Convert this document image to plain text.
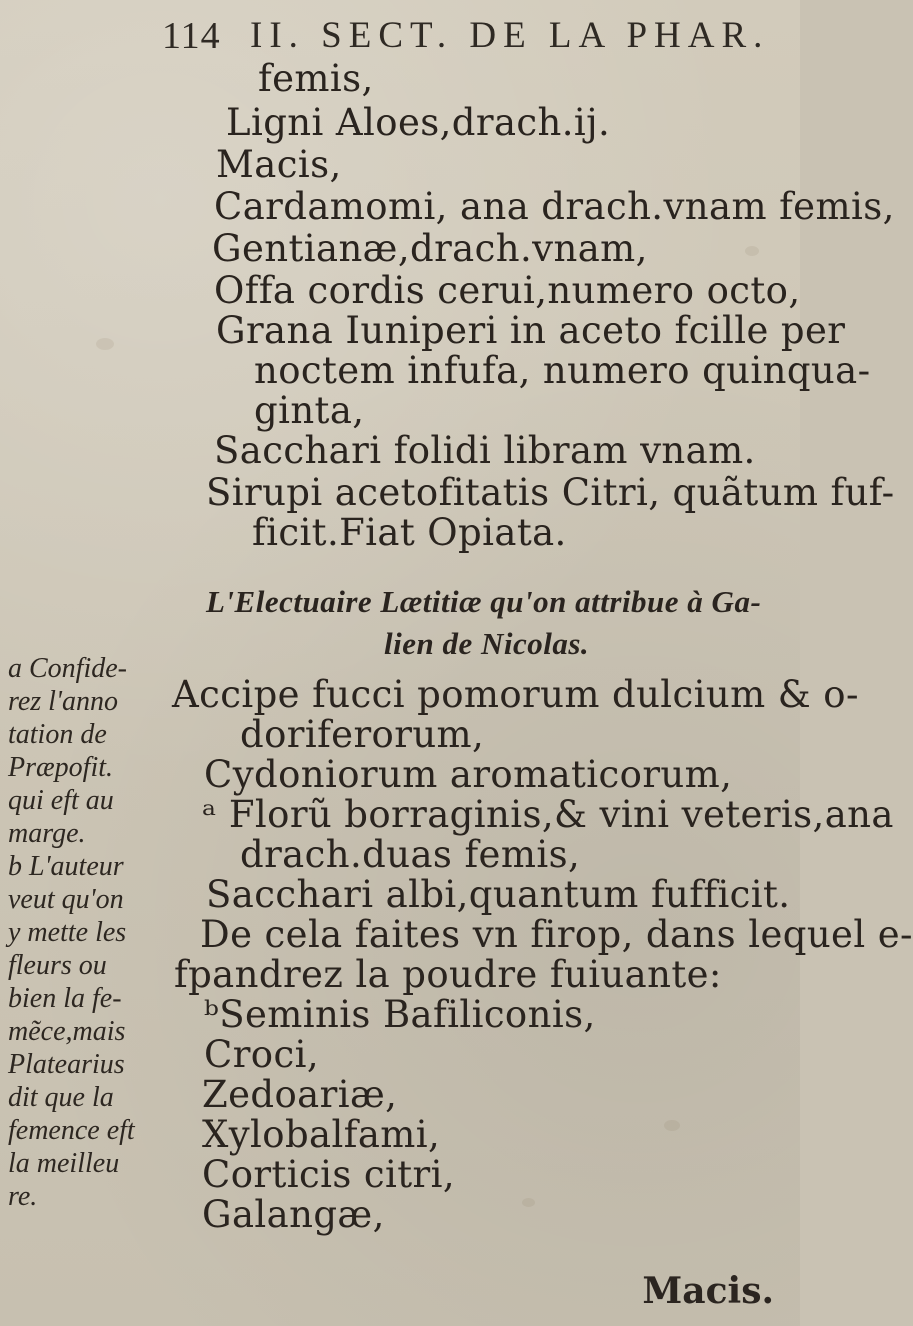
114 II. SECT. DE LA PHAR.

femis,

Ligni Aloes,drach.ij.

Macis,

Cardamomi, ana drach.vnam femis,

Gentianæ,drach.vnam,

Offa cordis cerui,numero octo,

Grana Iuniperi in aceto fcille per

noctem infufa, numero quinqua-

ginta,

Sacchari folidi libram vnam.

Sirupi acetofitatis Citri, quãtum fuf-

ficit.Fiat Opiata.

L'Electuaire Lætitiæ qu'on attribue à Ga-

lien de Nicolas.

Accipe fucci pomorum dulcium & o-

doriferorum,

Cydoniorum aromaticorum,

ᵃ Florũ borraginis,& vini veteris,ana

drach.duas femis,

Sacchari albi,quantum fufficit.

De cela faites vn firop, dans lequel e-

fpandrez la poudre fuiuante:

ᵇSeminis Bafiliconis,

Croci,

Zedoariæ,

Xylobalfami,

Corticis citri,

Galangæ,

a Confide-

rez l'anno

tation de

Præpofit.

qui eft au

marge.

b L'auteur

veut qu'on

y mette les

fleurs ou

bien la fe-

mẽce,mais

Platearius

dit que la

femence eft

la meilleu

re.

Macis.
